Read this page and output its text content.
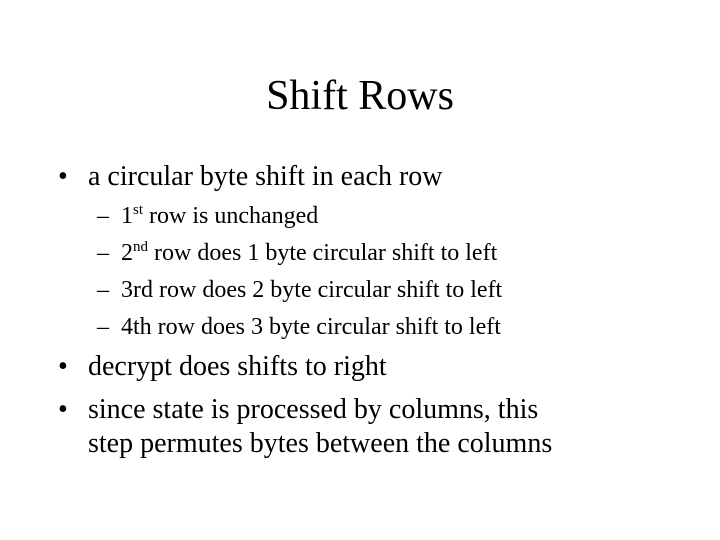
Shift Rows
• a circular byte shift in each row
– 1st row is unchanged
– 2nd row does 1 byte circular shift to left
– 3rd row does 2 byte circular shift to left
– 4th row does 3 byte circular shift to left
• decrypt does shifts to right
• since state is processed by columns, this
step permutes bytes between the columns
